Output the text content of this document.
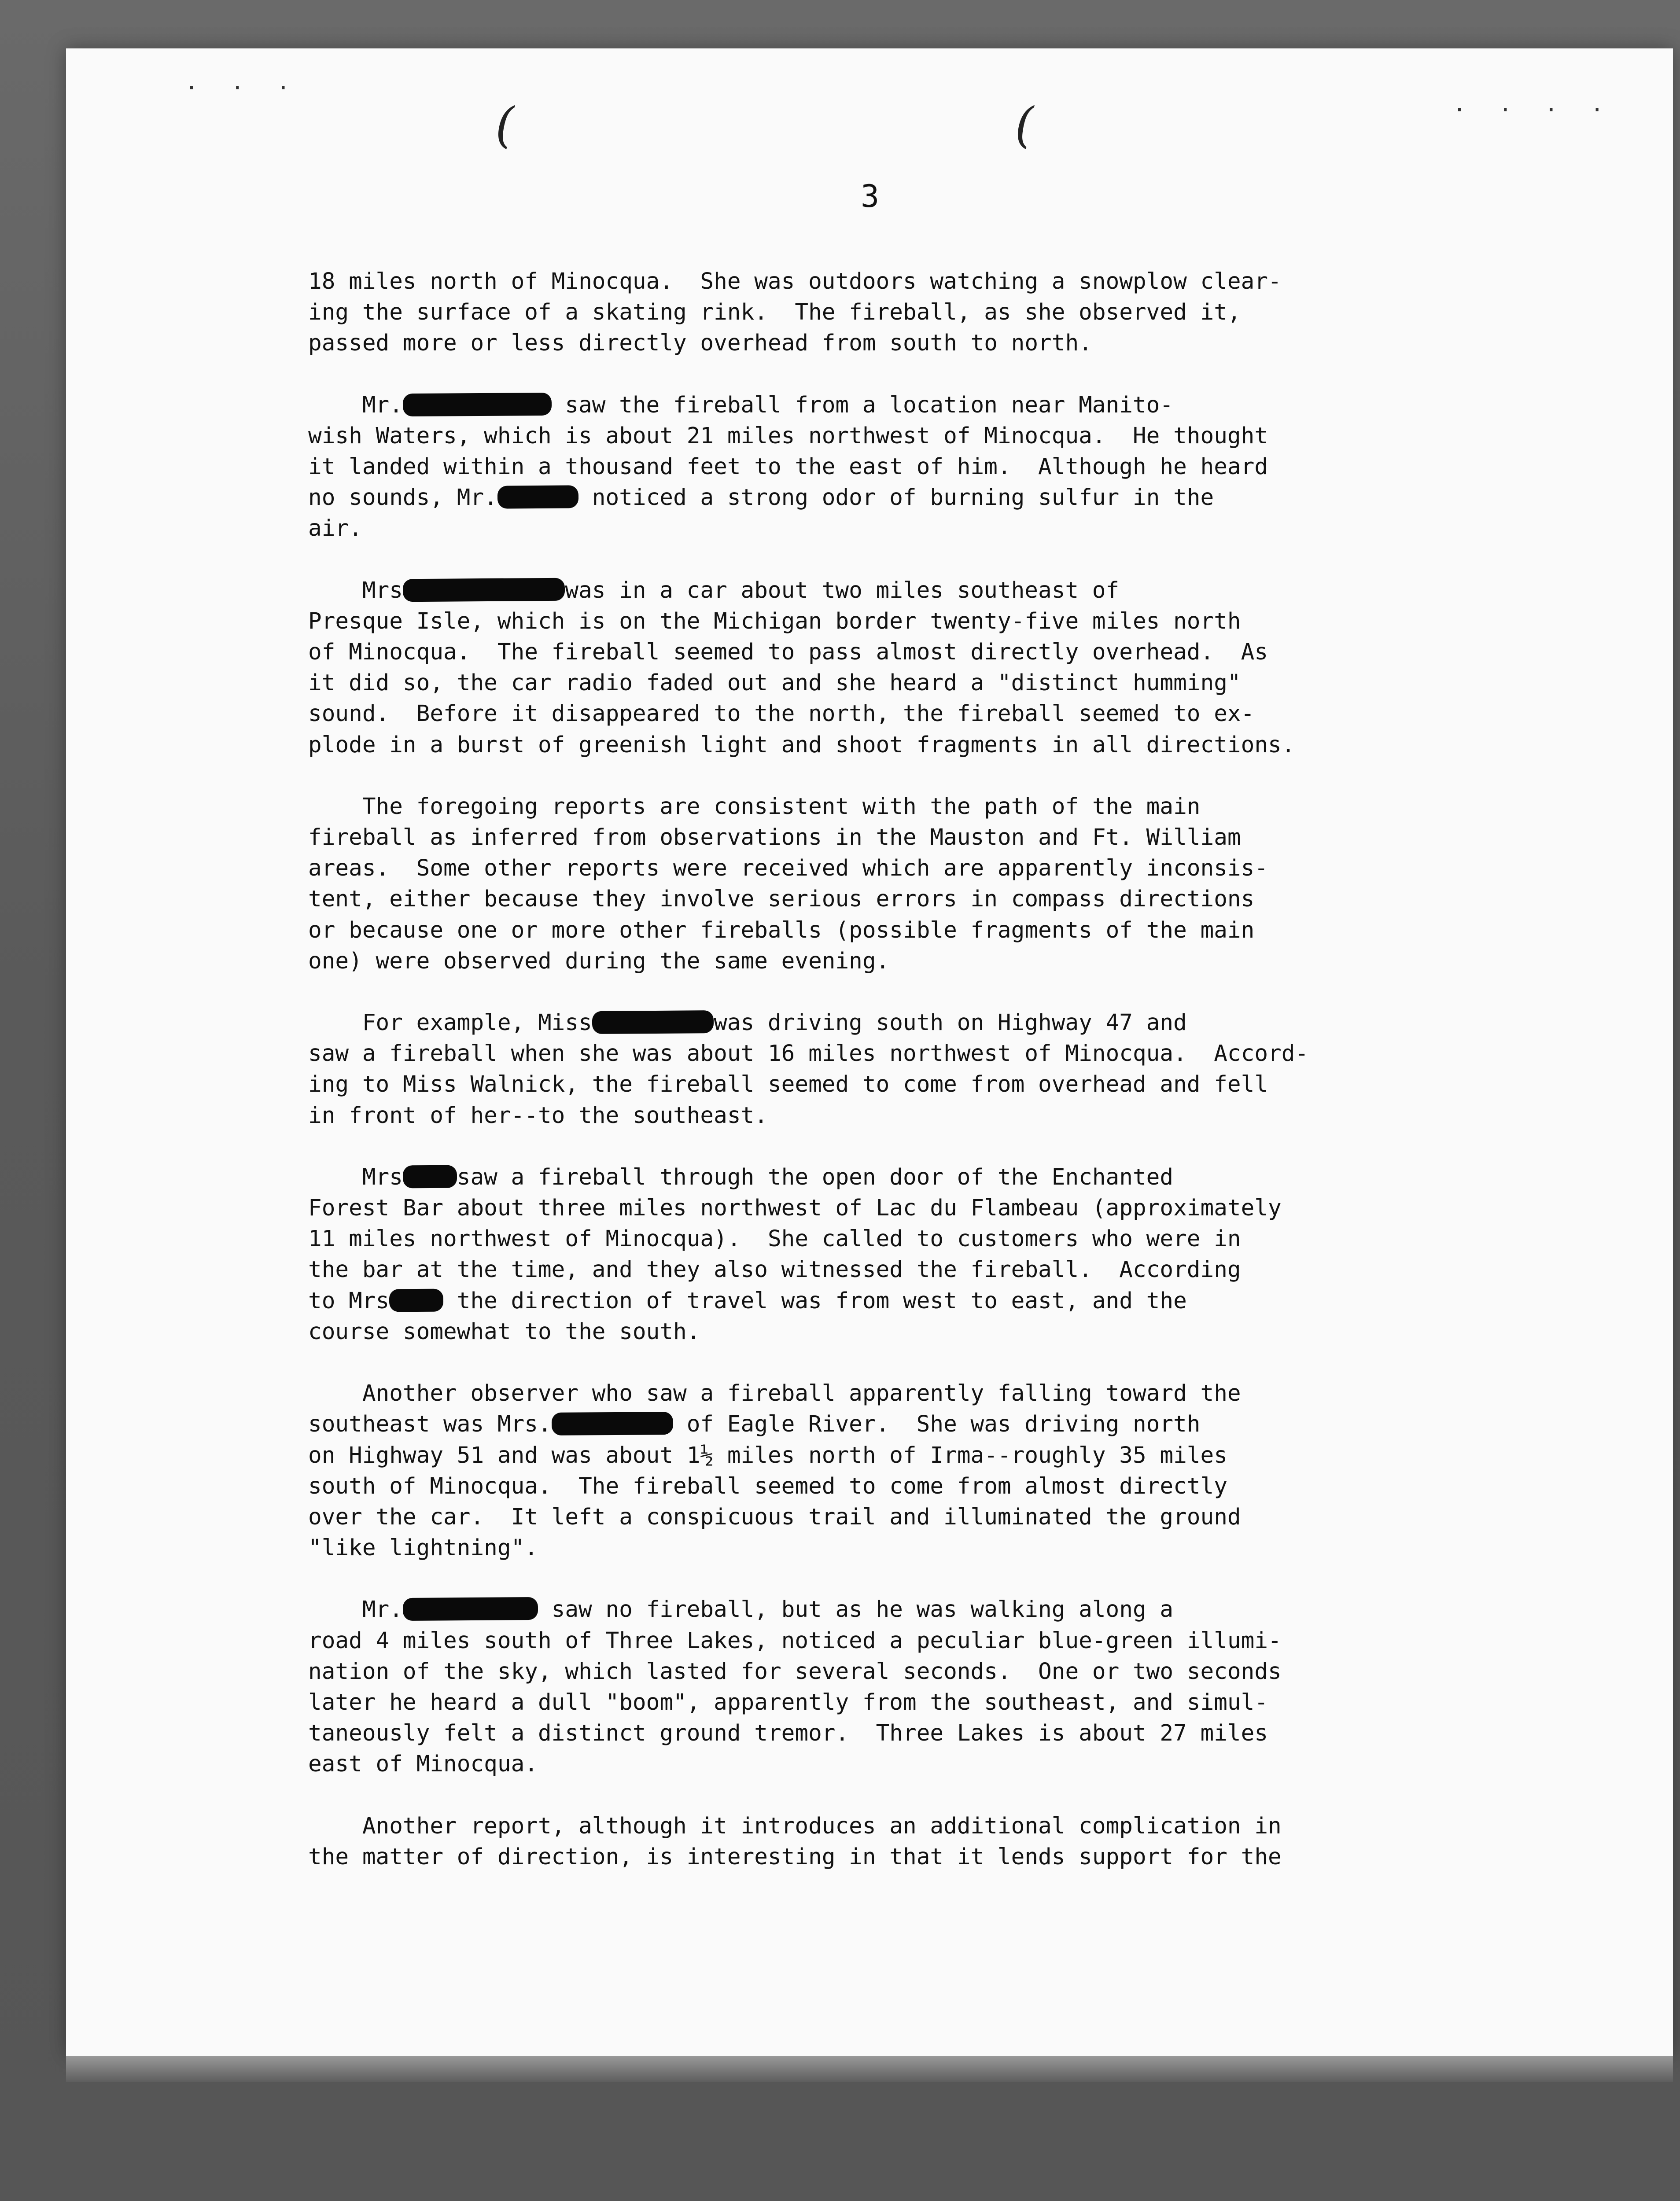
· · ·
· · · ·
(	(
3
18 miles north of Minocqua.  She was outdoors watching a snowplow clear-
ing the surface of a skating rink.  The fireball, as she observed it,
passed more or less directly overhead from south to north.
Mr.	saw the fireball from a location near Manito-
wish Waters, which is about 21 miles northwest of Minocqua.  He thought
it landed within a thousand feet to the east of him.  Although he heard
no sounds, Mr.	noticed a strong odor of burning sulfur in the
air.
Mrs	was in a car about two miles southeast of
Presque Isle, which is on the Michigan border twenty-five miles north
of Minocqua.  The fireball seemed to pass almost directly overhead.  As
it did so, the car radio faded out and she heard a "distinct humming"
sound.  Before it disappeared to the north, the fireball seemed to ex-
plode in a burst of greenish light and shoot fragments in all directions.
The foregoing reports are consistent with the path of the main
fireball as inferred from observations in the Mauston and Ft. William
areas.  Some other reports were received which are apparently inconsis-
tent, either because they involve serious errors in compass directions
or because one or more other fireballs (possible fragments of the main
one) were observed during the same evening.
For example, Miss	was driving south on Highway 47 and
saw a fireball when she was about 16 miles northwest of Minocqua.  Accord-
ing to Miss Walnick, the fireball seemed to come from overhead and fell
in front of her--to the southeast.
Mrs saw a fireball through the open door of the Enchanted
Forest Bar about three miles northwest of Lac du Flambeau (approximately
11 miles northwest of Minocqua).  She called to customers who were in
the bar at the time, and they also witnessed the fireball.  According
to Mrs the direction of travel was from west to east, and the
course somewhat to the south.
Another observer who saw a fireball apparently falling toward the
southeast was Mrs.	of Eagle River.  She was driving north
on Highway 51 and was about 1½ miles north of Irma--roughly 35 miles
south of Minocqua.  The fireball seemed to come from almost directly
over the car.  It left a conspicuous trail and illuminated the ground
"like lightning".
Mr.	saw no fireball, but as he was walking along a
road 4 miles south of Three Lakes, noticed a peculiar blue-green illumi-
nation of the sky, which lasted for several seconds.  One or two seconds
later he heard a dull "boom", apparently from the southeast, and simul-
taneously felt a distinct ground tremor.  Three Lakes is about 27 miles
east of Minocqua.
Another report, although it introduces an additional complication in
the matter of direction, is interesting in that it lends support for the
